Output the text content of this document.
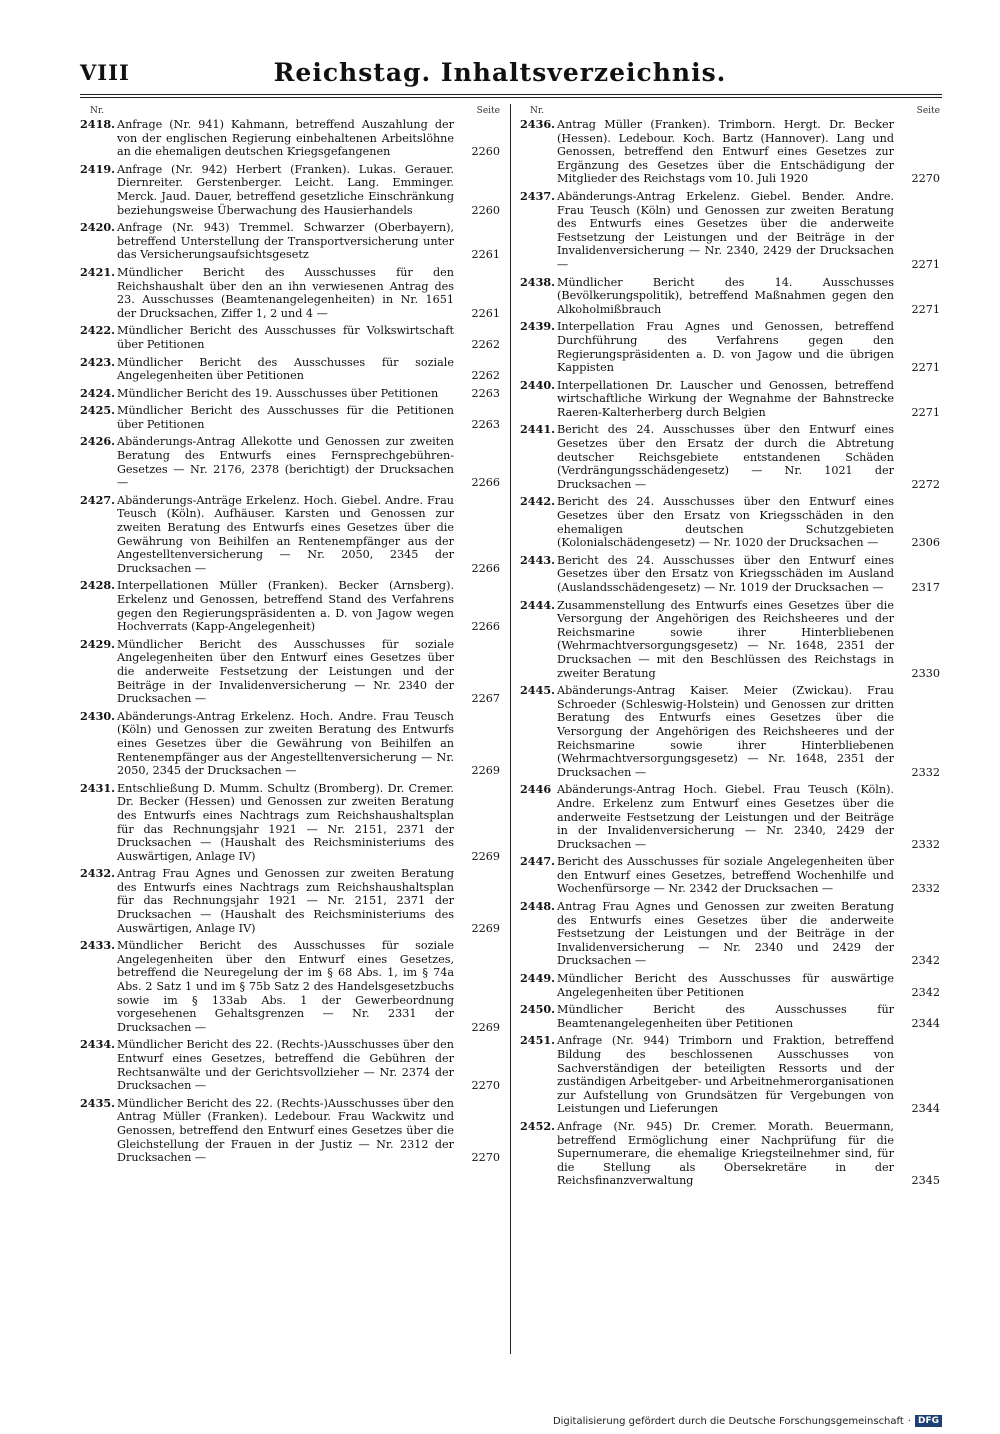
VIII	Reichstag. Inhaltsverzeichnis.
Nr.	Seite
2418. Anfrage (Nr. 941) Kahmann, betreffend Auszahlung der von der englischen Regierung einbehaltenen Arbeitslöhne an die ehemaligen deutschen Kriegsgefangenen	2260
2419. Anfrage (Nr. 942) Herbert (Franken). Lukas. Gerauer. Diernreiter. Gerstenberger. Leicht. Lang. Emminger. Merck. Jaud. Dauer, betreffend gesetzliche Einschränkung beziehungsweise Überwachung des Hausierhandels	2260
2420. Anfrage (Nr. 943) Tremmel. Schwarzer (Oberbayern), betreffend Unterstellung der Transportversicherung unter das Versicherungsaufsichtsgesetz	2261
2421. Mündlicher Bericht des Ausschusses für den Reichshaushalt über den an ihn verwiesenen Antrag des 23. Ausschusses (Beamtenangelegenheiten) in Nr. 1651 der Drucksachen, Ziffer 1, 2 und 4 —	2261
2422. Mündlicher Bericht des Ausschusses für Volkswirtschaft über Petitionen	2262
2423. Mündlicher Bericht des Ausschusses für soziale Angelegenheiten über Petitionen	2262
2424. Mündlicher Bericht des 19. Ausschusses über Petitionen	2263
2425. Mündlicher Bericht des Ausschusses für die Petitionen über Petitionen	2263
2426. Abänderungs-Antrag Allekotte und Genossen zur zweiten Beratung des Entwurfs eines Fernsprechgebühren-Gesetzes — Nr. 2176, 2378 (berichtigt) der Drucksachen —	2266
2427. Abänderungs-Anträge Erkelenz. Hoch. Giebel. Andre. Frau Teusch (Köln). Aufhäuser. Karsten und Genossen zur zweiten Beratung des Entwurfs eines Gesetzes über die Gewährung von Beihilfen an Rentenempfänger aus der Angestelltenversicherung — Nr. 2050, 2345 der Drucksachen —	2266
2428. Interpellationen Müller (Franken). Becker (Arnsberg). Erkelenz und Genossen, betreffend Stand des Verfahrens gegen den Regierungspräsidenten a. D. von Jagow wegen Hochverrats (Kapp-Angelegenheit)	2266
2429. Mündlicher Bericht des Ausschusses für soziale Angelegenheiten über den Entwurf eines Gesetzes über die anderweite Festsetzung der Leistungen und der Beiträge in der Invalidenversicherung — Nr. 2340 der Drucksachen —	2267
2430. Abänderungs-Antrag Erkelenz. Hoch. Andre. Frau Teusch (Köln) und Genossen zur zweiten Beratung des Entwurfs eines Gesetzes über die Gewährung von Beihilfen an Rentenempfänger aus der Angestelltenversicherung — Nr. 2050, 2345 der Drucksachen —	2269
2431. Entschließung D. Mumm. Schultz (Bromberg). Dr. Cremer. Dr. Becker (Hessen) und Genossen zur zweiten Beratung des Entwurfs eines Nachtrags zum Reichshaushaltsplan für das Rechnungsjahr 1921 — Nr. 2151, 2371 der Drucksachen — (Haushalt des Reichsministeriums des Auswärtigen, Anlage IV)	2269
2432. Antrag Frau Agnes und Genossen zur zweiten Beratung des Entwurfs eines Nachtrags zum Reichshaushaltsplan für das Rechnungsjahr 1921 — Nr. 2151, 2371 der Drucksachen — (Haushalt des Reichsministeriums des Auswärtigen, Anlage IV)	2269
2433. Mündlicher Bericht des Ausschusses für soziale Angelegenheiten über den Entwurf eines Gesetzes, betreffend die Neuregelung der im § 68 Abs. 1, im § 74a Abs. 2 Satz 1 und im § 75b Satz 2 des Handelsgesetzbuchs sowie im § 133ab Abs. 1 der Gewerbeordnung vorgesehenen Gehaltsgrenzen — Nr. 2331 der Drucksachen —	2269
2434. Mündlicher Bericht des 22. (Rechts-)Ausschusses über den Entwurf eines Gesetzes, betreffend die Gebühren der Rechtsanwälte und der Gerichtsvollzieher — Nr. 2374 der Drucksachen —	2270
2435. Mündlicher Bericht des 22. (Rechts-)Ausschusses über den Antrag Müller (Franken). Ledebour. Frau Wackwitz und Genossen, betreffend den Entwurf eines Gesetzes über die Gleichstellung der Frauen in der Justiz — Nr. 2312 der Drucksachen —	2270
Nr.	Seite
2436. Antrag Müller (Franken). Trimborn. Hergt. Dr. Becker (Hessen). Ledebour. Koch. Bartz (Hannover). Lang und Genossen, betreffend den Entwurf eines Gesetzes zur Ergänzung des Gesetzes über die Entschädigung der Mitglieder des Reichstags vom 10. Juli 1920	2270
2437. Abänderungs-Antrag Erkelenz. Giebel. Bender. Andre. Frau Teusch (Köln) und Genossen zur zweiten Beratung des Entwurfs eines Gesetzes über die anderweite Festsetzung der Leistungen und der Beiträge in der Invalidenversicherung — Nr. 2340, 2429 der Drucksachen —	2271
2438. Mündlicher Bericht des 14. Ausschusses (Bevölkerungspolitik), betreffend Maßnahmen gegen den Alkoholmißbrauch	2271
2439. Interpellation Frau Agnes und Genossen, betreffend Durchführung des Verfahrens gegen den Regierungspräsidenten a. D. von Jagow und die übrigen Kappisten	2271
2440. Interpellationen Dr. Lauscher und Genossen, betreffend wirtschaftliche Wirkung der Wegnahme der Bahnstrecke Raeren-Kalterherberg durch Belgien	2271
2441. Bericht des 24. Ausschusses über den Entwurf eines Gesetzes über den Ersatz der durch die Abtretung deutscher Reichsgebiete entstandenen Schäden (Verdrängungsschädengesetz) — Nr. 1021 der Drucksachen —	2272
2442. Bericht des 24. Ausschusses über den Entwurf eines Gesetzes über den Ersatz von Kriegsschäden in den ehemaligen deutschen Schutzgebieten (Kolonialschädengesetz) — Nr. 1020 der Drucksachen —	2306
2443. Bericht des 24. Ausschusses über den Entwurf eines Gesetzes über den Ersatz von Kriegsschäden im Ausland (Auslandsschädengesetz) — Nr. 1019 der Drucksachen —	2317
2444. Zusammenstellung des Entwurfs eines Gesetzes über die Versorgung der Angehörigen des Reichsheeres und der Reichsmarine sowie ihrer Hinterbliebenen (Wehrmachtversorgungsgesetz) — Nr. 1648, 2351 der Drucksachen — mit den Beschlüssen des Reichstags in zweiter Beratung	2330
2445. Abänderungs-Antrag Kaiser. Meier (Zwickau). Frau Schroeder (Schleswig-Holstein) und Genossen zur dritten Beratung des Entwurfs eines Gesetzes über die Versorgung der Angehörigen des Reichsheeres und der Reichsmarine sowie ihrer Hinterbliebenen (Wehrmachtversorgungsgesetz) — Nr. 1648, 2351 der Drucksachen —	2332
2446 Abänderungs-Antrag Hoch. Giebel. Frau Teusch (Köln). Andre. Erkelenz zum Entwurf eines Gesetzes über die anderweite Festsetzung der Leistungen und der Beiträge in der Invalidenversicherung — Nr. 2340, 2429 der Drucksachen —	2332
2447. Bericht des Ausschusses für soziale Angelegenheiten über den Entwurf eines Gesetzes, betreffend Wochenhilfe und Wochenfürsorge — Nr. 2342 der Drucksachen —	2332
2448. Antrag Frau Agnes und Genossen zur zweiten Beratung des Entwurfs eines Gesetzes über die anderweite Festsetzung der Leistungen und der Beiträge in der Invalidenversicherung — Nr. 2340 und 2429 der Drucksachen —	2342
2449. Mündlicher Bericht des Ausschusses für auswärtige Angelegenheiten über Petitionen	2342
2450. Mündlicher Bericht des Ausschusses für Beamtenangelegenheiten über Petitionen	2344
2451. Anfrage (Nr. 944) Trimborn und Fraktion, betreffend Bildung des beschlossenen Ausschusses von Sachverständigen der beteiligten Ressorts und der zuständigen Arbeitgeber- und Arbeitnehmerorganisationen zur Aufstellung von Grundsätzen für Vergebungen von Leistungen und Lieferungen	2344
2452. Anfrage (Nr. 945) Dr. Cremer. Morath. Beuermann, betreffend Ermöglichung einer Nachprüfung für die Supernumerare, die ehemalige Kriegsteilnehmer sind, für die Stellung als Obersekretäre in der Reichsfinanzverwaltung	2345
Digitalisierung gefördert durch die Deutsche Forschungsgemeinschaft · DFG
